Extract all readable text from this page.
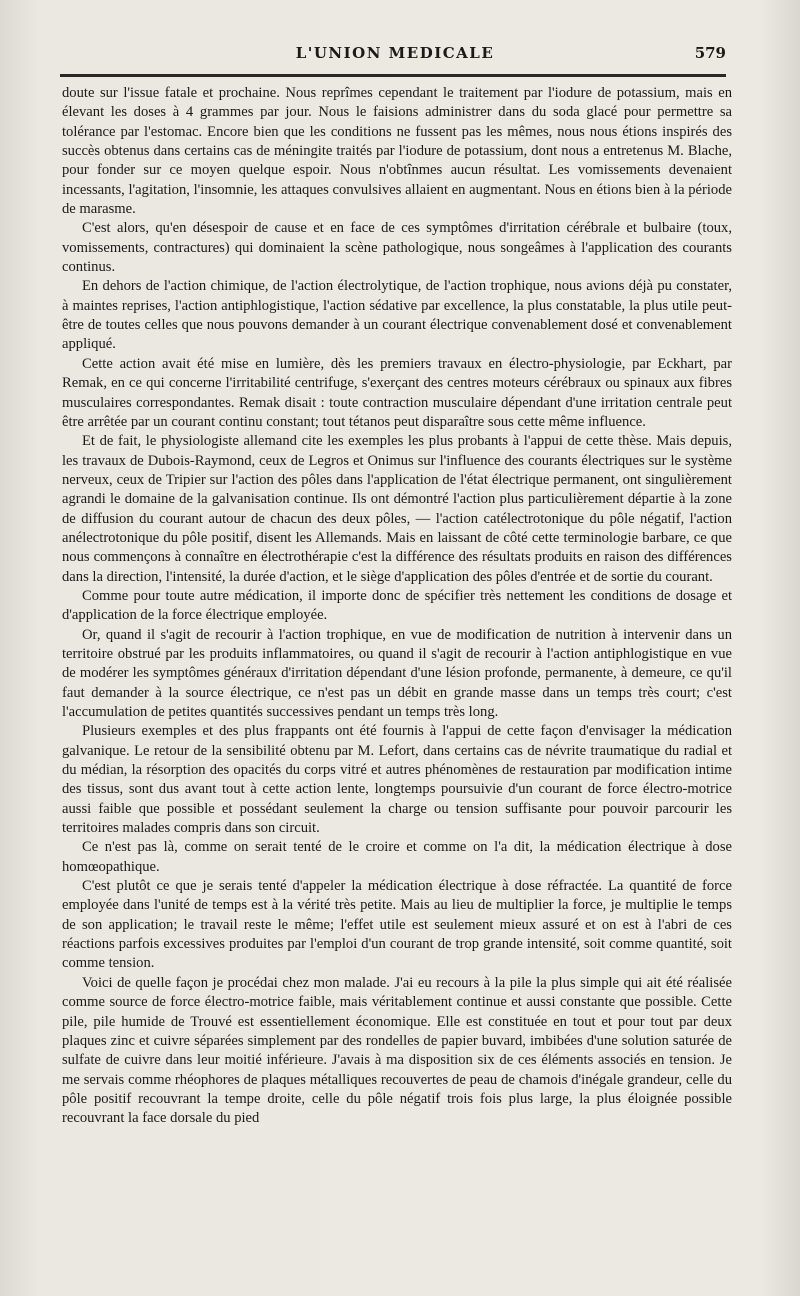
L'UNION MEDICALE	579

doute sur l'issue fatale et prochaine. Nous reprîmes cependant le traitement par l'iodure de potassium, mais en élevant les doses à 4 grammes par jour. Nous le faisions administrer dans du soda glacé pour permettre sa tolérance par l'estomac. Encore bien que les conditions ne fussent pas les mêmes, nous nous étions inspirés des succès obtenus dans certains cas de méningite traités par l'iodure de potassium, dont nous a entretenus M. Blache, pour fonder sur ce moyen quelque espoir. Nous n'obtînmes aucun résultat. Les vomissements devenaient incessants, l'agitation, l'insomnie, les attaques convulsives allaient en augmentant. Nous en étions bien à la période de marasme.

C'est alors, qu'en désespoir de cause et en face de ces symptômes d'irritation cérébrale et bulbaire (toux, vomissements, contractures) qui dominaient la scène pathologique, nous songeâmes à l'application des courants continus.

En dehors de l'action chimique, de l'action électrolytique, de l'action trophique, nous avions déjà pu constater, à maintes reprises, l'action antiphlogistique, l'action sédative par excellence, la plus constatable, la plus utile peut-être de toutes celles que nous pouvons demander à un courant électrique convenablement dosé et convenablement appliqué.

Cette action avait été mise en lumière, dès les premiers travaux en électro-physiologie, par Eckhart, par Remak, en ce qui concerne l'irritabilité centrifuge, s'exerçant des centres moteurs cérébraux ou spinaux aux fibres musculaires correspondantes. Remak disait : toute contraction musculaire dépendant d'une irritation centrale peut être arrêtée par un courant continu constant; tout tétanos peut disparaître sous cette même influence.

Et de fait, le physiologiste allemand cite les exemples les plus probants à l'appui de cette thèse. Mais depuis, les travaux de Dubois-Raymond, ceux de Legros et Onimus sur l'influence des courants électriques sur le système nerveux, ceux de Tripier sur l'action des pôles dans l'application de l'état électrique permanent, ont singulièrement agrandi le domaine de la galvanisation continue. Ils ont démontré l'action plus particulièrement départie à la zone de diffusion du courant autour de chacun des deux pôles, — l'action catélectrotonique du pôle négatif, l'action anélectrotonique du pôle positif, disent les Allemands. Mais en laissant de côté cette terminologie barbare, ce que nous commençons à connaître en électrothérapie c'est la différence des résultats produits en raison des différences dans la direction, l'intensité, la durée d'action, et le siège d'application des pôles d'entrée et de sortie du courant.

Comme pour toute autre médication, il importe donc de spécifier très nettement les conditions de dosage et d'application de la force électrique employée.

Or, quand il s'agit de recourir à l'action trophique, en vue de modification de nutrition à intervenir dans un territoire obstrué par les produits inflammatoires, ou quand il s'agit de recourir à l'action antiphlogistique en vue de modérer les symptômes généraux d'irritation dépendant d'une lésion profonde, permanente, à demeure, ce qu'il faut demander à la source électrique, ce n'est pas un débit en grande masse dans un temps très court; c'est l'accumulation de petites quantités successives pendant un temps très long.

Plusieurs exemples et des plus frappants ont été fournis à l'appui de cette façon d'envisager la médication galvanique. Le retour de la sensibilité obtenu par M. Lefort, dans certains cas de névrite traumatique du radial et du médian, la résorption des opacités du corps vitré et autres phénomènes de restauration par modification intime des tissus, sont dus avant tout à cette action lente, longtemps poursuivie d'un courant de force électro-motrice aussi faible que possible et possédant seulement la charge ou tension suffisante pour pouvoir parcourir les territoires malades compris dans son circuit.

Ce n'est pas là, comme on serait tenté de le croire et comme on l'a dit, la médication électrique à dose homœopathique.

C'est plutôt ce que je serais tenté d'appeler la médication électrique à dose réfractée. La quantité de force employée dans l'unité de temps est à la vérité très petite. Mais au lieu de multiplier la force, je multiplie le temps de son application; le travail reste le même; l'effet utile est seulement mieux assuré et on est à l'abri de ces réactions parfois excessives produites par l'emploi d'un courant de trop grande intensité, soit comme quantité, soit comme tension.

Voici de quelle façon je procédai chez mon malade. J'ai eu recours à la pile la plus simple qui ait été réalisée comme source de force électro-motrice faible, mais véritablement continue et aussi constante que possible. Cette pile, pile humide de Trouvé est essentiellement économique. Elle est constituée en tout et pour tout par deux plaques zinc et cuivre séparées simplement par des rondelles de papier buvard, imbibées d'une solution saturée de sulfate de cuivre dans leur moitié inférieure. J'avais à ma disposition six de ces éléments associés en tension. Je me servais comme rhéophores de plaques métalliques recouvertes de peau de chamois d'inégale grandeur, celle du pôle positif recouvrant la tempe droite, celle du pôle négatif trois fois plus large, la plus éloignée possible recouvrant la face dorsale du pied
